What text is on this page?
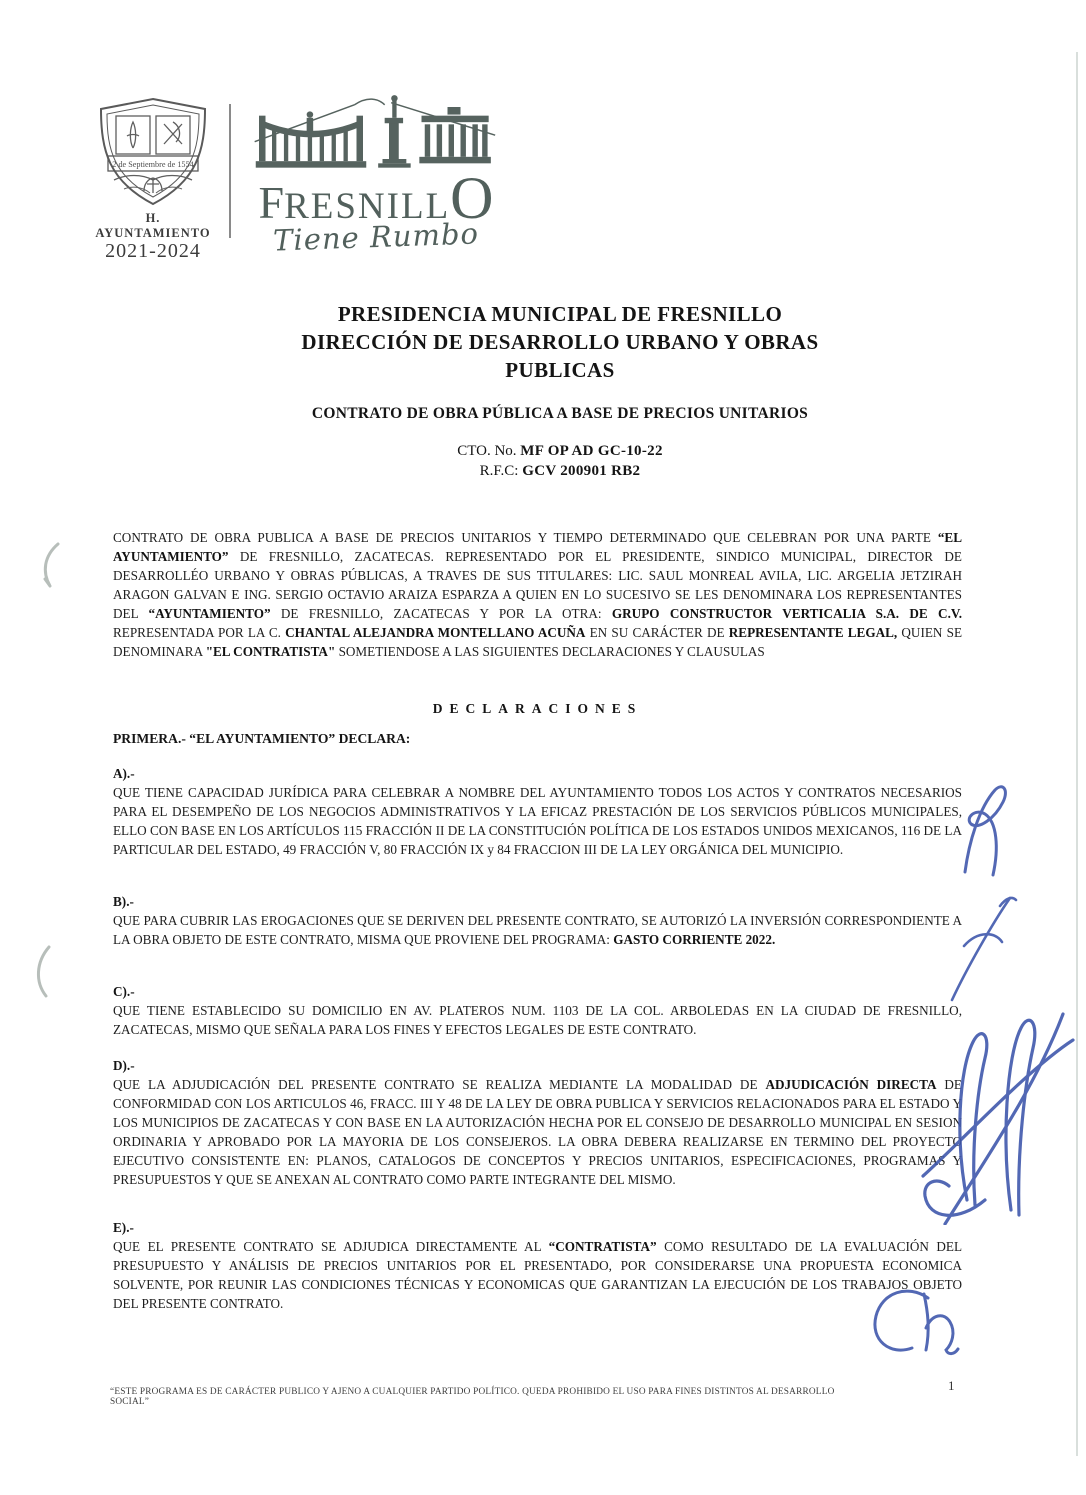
2 de Septiembre de 1554
H. AYUNTAMIENTO
2021-2024
FRESNILLO
Tiene Rumbo
PRESIDENCIA MUNICIPAL DE FRESNILLO
DIRECCIÓN DE DESARROLLO URBANO Y OBRAS
PUBLICAS
CONTRATO DE OBRA PÚBLICA A BASE DE PRECIOS UNITARIOS
CTO. No. MF OP AD GC-10-22
R.F.C: GCV 200901 RB2
CONTRATO DE OBRA PUBLICA A BASE DE PRECIOS UNITARIOS Y TIEMPO DETERMINADO QUE CELEBRAN POR UNA PARTE “EL AYUNTAMIENTO” DE FRESNILLO, ZACATECAS. REPRESENTADO POR EL PRESIDENTE, SINDICO MUNICIPAL, DIRECTOR DE DESARROLLÉO URBANO Y OBRAS PÚBLICAS, A TRAVES DE SUS TITULARES: LIC. SAUL MONREAL AVILA, LIC. ARGELIA JETZIRAH ARAGON GALVAN E ING. SERGIO OCTAVIO ARAIZA ESPARZA A QUIEN EN LO SUCESIVO SE LES DENOMINARA LOS REPRESENTANTES DEL “AYUNTAMIENTO” DE FRESNILLO, ZACATECAS Y POR LA OTRA: GRUPO CONSTRUCTOR VERTICALIA S.A. DE C.V. REPRESENTADA POR LA C. CHANTAL ALEJANDRA MONTELLANO ACUÑA EN SU CARÁCTER DE REPRESENTANTE LEGAL, QUIEN SE DENOMINARA "EL CONTRATISTA" SOMETIENDOSE A LAS SIGUIENTES DECLARACIONES Y CLAUSULAS
DECLARACIONES
PRIMERA.- “EL AYUNTAMIENTO” DECLARA:
A).-
QUE TIENE CAPACIDAD JURÍDICA PARA CELEBRAR A NOMBRE DEL AYUNTAMIENTO TODOS LOS ACTOS Y CONTRATOS NECESARIOS PARA EL DESEMPEÑO DE LOS NEGOCIOS ADMINISTRATIVOS Y LA EFICAZ PRESTACIÓN DE LOS SERVICIOS PÚBLICOS MUNICIPALES, ELLO CON BASE EN LOS ARTÍCULOS 115 FRACCIÓN II DE LA CONSTITUCIÓN POLÍTICA DE LOS ESTADOS UNIDOS MEXICANOS, 116 DE LA PARTICULAR DEL ESTADO, 49 FRACCIÓN V, 80 FRACCIÓN IX y 84 FRACCION III DE LA LEY ORGÁNICA DEL MUNICIPIO.
B).-
QUE PARA CUBRIR LAS EROGACIONES QUE SE DERIVEN DEL PRESENTE CONTRATO, SE AUTORIZÓ LA INVERSIÓN CORRESPONDIENTE A LA OBRA OBJETO DE ESTE CONTRATO, MISMA QUE PROVIENE DEL PROGRAMA: GASTO CORRIENTE 2022.
C).-
QUE TIENE ESTABLECIDO SU DOMICILIO EN AV. PLATEROS NUM. 1103 DE LA COL. ARBOLEDAS EN LA CIUDAD DE FRESNILLO, ZACATECAS, MISMO QUE SEÑALA PARA LOS FINES Y EFECTOS LEGALES DE ESTE CONTRATO.
D).-
QUE LA ADJUDICACIÓN DEL PRESENTE CONTRATO SE REALIZA MEDIANTE LA MODALIDAD DE ADJUDICACIÓN DIRECTA DE CONFORMIDAD CON LOS ARTICULOS 46, FRACC. III Y 48 DE LA LEY DE OBRA PUBLICA Y SERVICIOS RELACIONADOS PARA EL ESTADO Y LOS MUNICIPIOS DE ZACATECAS Y CON BASE EN LA AUTORIZACIÓN HECHA POR EL CONSEJO DE DESARROLLO MUNICIPAL EN SESION ORDINARIA Y APROBADO POR LA MAYORIA DE LOS CONSEJEROS. LA OBRA DEBERA REALIZARSE EN TERMINO DEL PROYECTO EJECUTIVO CONSISTENTE EN: PLANOS, CATALOGOS DE CONCEPTOS Y PRECIOS UNITARIOS, ESPECIFICACIONES, PROGRAMAS Y PRESUPUESTOS Y QUE SE ANEXAN AL CONTRATO COMO PARTE INTEGRANTE DEL MISMO.
E).-
QUE EL PRESENTE CONTRATO SE ADJUDICA DIRECTAMENTE AL “CONTRATISTA” COMO RESULTADO DE LA EVALUACIÓN DEL PRESUPUESTO Y ANÁLISIS DE PRECIOS UNITARIOS POR EL PRESENTADO, POR CONSIDERARSE UNA PROPUESTA ECONOMICA SOLVENTE, POR REUNIR LAS CONDICIONES TÉCNICAS Y ECONOMICAS QUE GARANTIZAN LA EJECUCIÓN DE LOS TRABAJOS OBJETO DEL PRESENTE CONTRATO.
“ESTE PROGRAMA ES DE CARÁCTER PUBLICO Y AJENO A CUALQUIER PARTIDO POLÍTICO. QUEDA PROHIBIDO EL USO PARA FINES DISTINTOS AL DESARROLLO SOCIAL”
1
